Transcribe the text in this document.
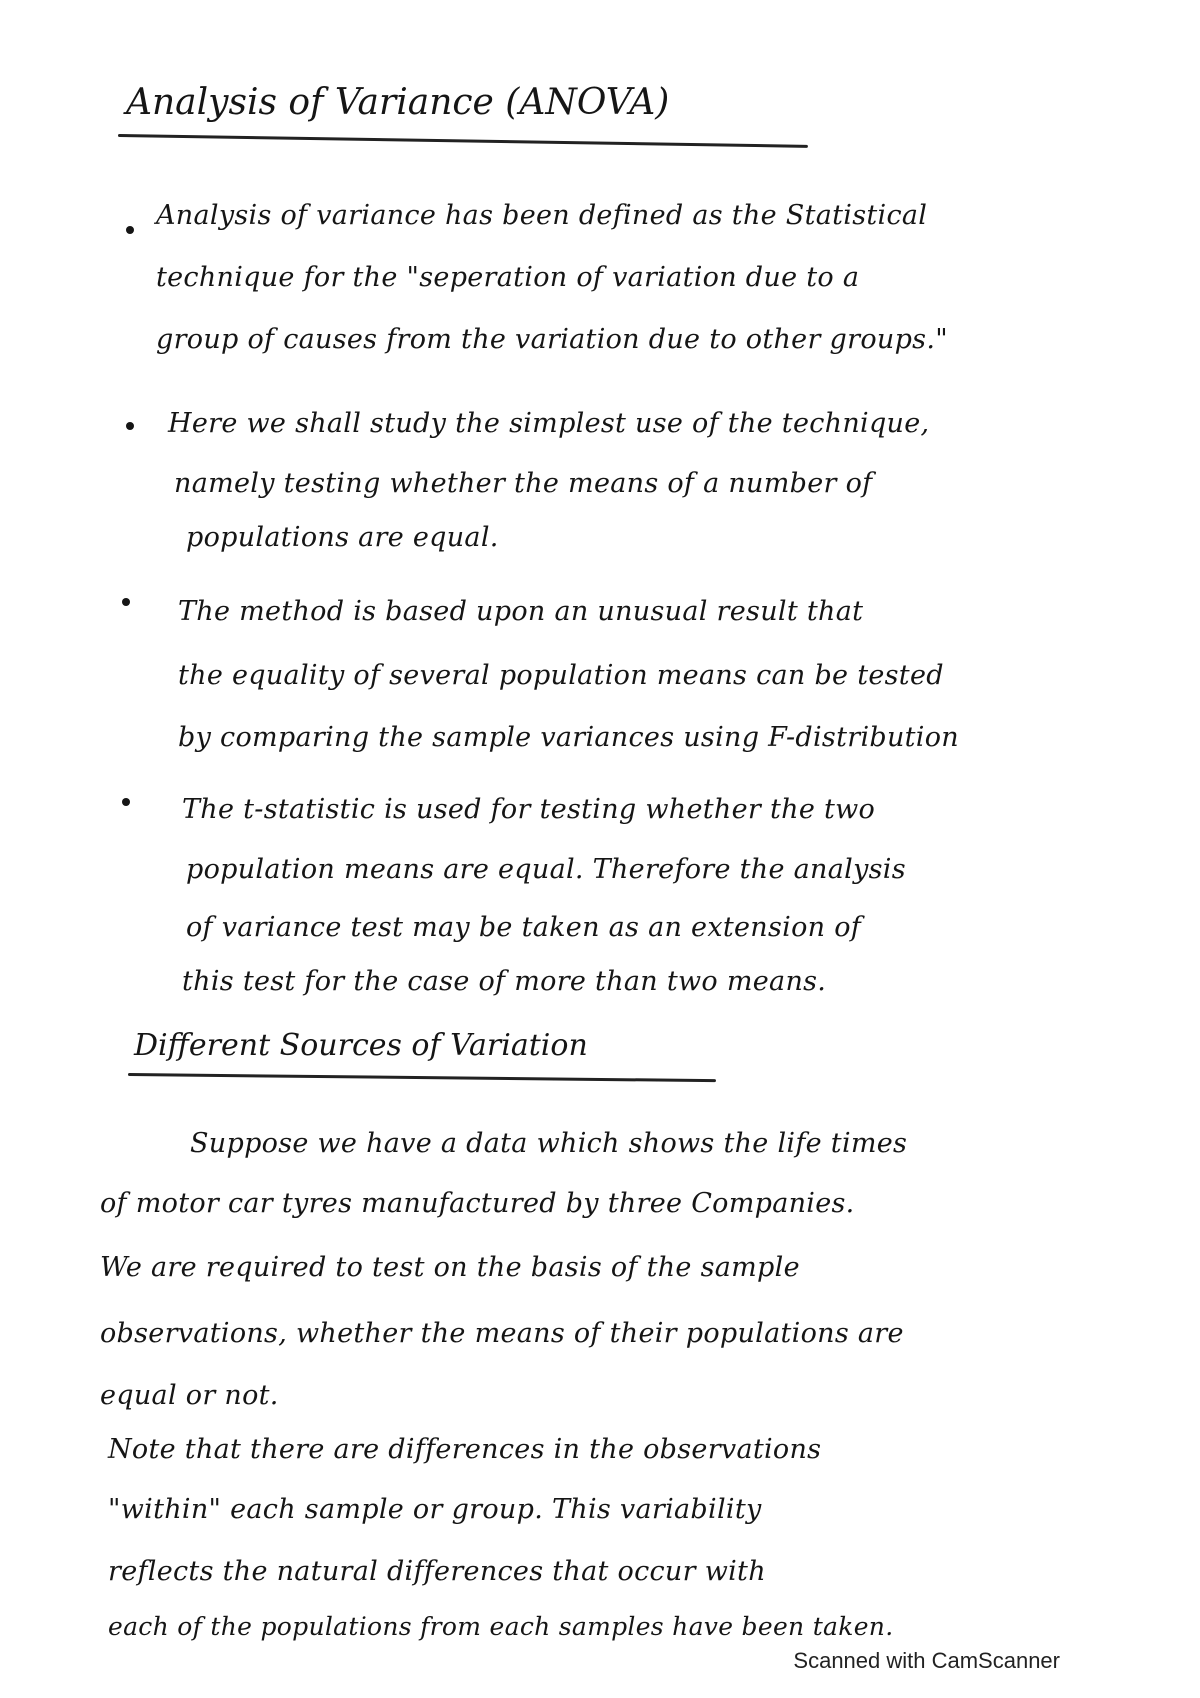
Analysis of Variance (ANOVA)
Analysis of variance has been defined as the Statistical
technique for the "seperation of variation due to a
group of causes from the variation due to other groups."
Here we shall study the simplest use of the technique,
namely testing whether the means of a number of
populations are equal.
The method is based upon an unusual result that
the equality of several population means can be tested
by comparing the sample variances using F-distribution
The t-statistic is used for testing whether the two
population means are equal. Therefore the analysis
of variance test may be taken as an extension of
this test for the case of more than two means.
Different Sources of Variation
Suppose we have a data which shows the life times
of motor car tyres manufactured by three Companies.
We are required to test on the basis of the sample
observations, whether the means of their populations are
equal or not.
Note that there are differences in the observations
"within" each sample or group. This variability
reflects the natural differences that occur with
each of the populations from each samples have been taken.
Scanned with CamScanner
